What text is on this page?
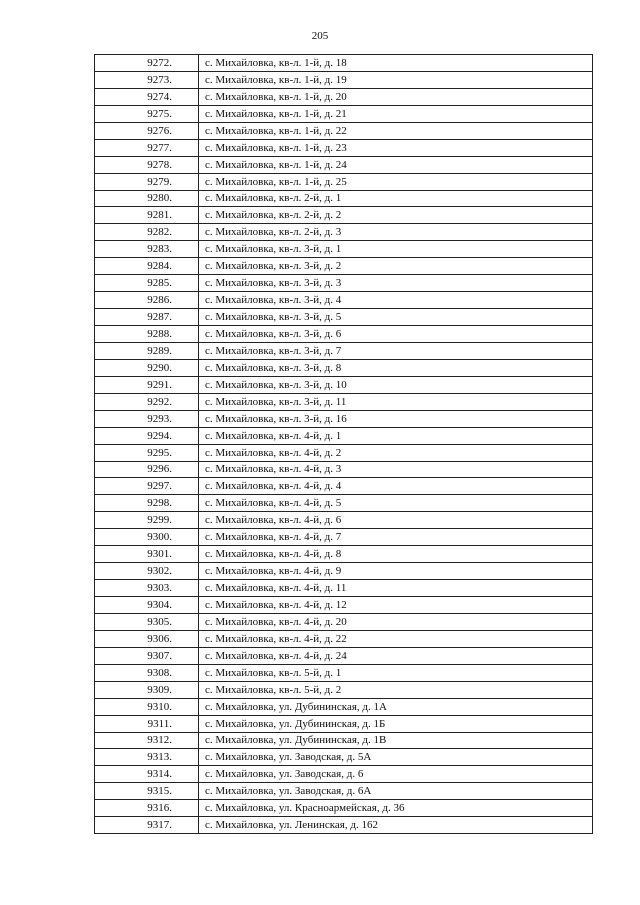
205
9272.	с. Михайловка, кв-л. 1-й, д. 18
9273.	с. Михайловка, кв-л. 1-й, д. 19
9274.	с. Михайловка, кв-л. 1-й, д. 20
9275.	с. Михайловка, кв-л. 1-й, д. 21
9276.	с. Михайловка, кв-л. 1-й, д. 22
9277.	с. Михайловка, кв-л. 1-й, д. 23
9278.	с. Михайловка, кв-л. 1-й, д. 24
9279.	с. Михайловка, кв-л. 1-й, д. 25
9280.	с. Михайловка, кв-л. 2-й, д. 1
9281.	с. Михайловка, кв-л. 2-й, д. 2
9282.	с. Михайловка, кв-л. 2-й, д. 3
9283.	с. Михайловка, кв-л. 3-й, д. 1
9284.	с. Михайловка, кв-л. 3-й, д. 2
9285.	с. Михайловка, кв-л. 3-й, д. 3
9286.	с. Михайловка, кв-л. 3-й, д. 4
9287.	с. Михайловка, кв-л. 3-й, д. 5
9288.	с. Михайловка, кв-л. 3-й, д. 6
9289.	с. Михайловка, кв-л. 3-й, д. 7
9290.	с. Михайловка, кв-л. 3-й, д. 8
9291.	с. Михайловка, кв-л. 3-й, д. 10
9292.	с. Михайловка, кв-л. 3-й, д. 11
9293.	с. Михайловка, кв-л. 3-й, д. 16
9294.	с. Михайловка, кв-л. 4-й, д. 1
9295.	с. Михайловка, кв-л. 4-й, д. 2
9296.	с. Михайловка, кв-л. 4-й, д. 3
9297.	с. Михайловка, кв-л. 4-й, д. 4
9298.	с. Михайловка, кв-л. 4-й, д. 5
9299.	с. Михайловка, кв-л. 4-й, д. 6
9300.	с. Михайловка, кв-л. 4-й, д. 7
9301.	с. Михайловка, кв-л. 4-й, д. 8
9302.	с. Михайловка, кв-л. 4-й, д. 9
9303.	с. Михайловка, кв-л. 4-й, д. 11
9304.	с. Михайловка, кв-л. 4-й, д. 12
9305.	с. Михайловка, кв-л. 4-й, д. 20
9306.	с. Михайловка, кв-л. 4-й, д. 22
9307.	с. Михайловка, кв-л. 4-й, д. 24
9308.	с. Михайловка, кв-л. 5-й, д. 1
9309.	с. Михайловка, кв-л. 5-й, д. 2
9310.	с. Михайловка, ул. Дубининская, д. 1А
9311.	с. Михайловка, ул. Дубининская, д. 1Б
9312.	с. Михайловка, ул. Дубининская, д. 1В
9313.	с. Михайловка, ул. Заводская, д. 5А
9314.	с. Михайловка, ул. Заводская, д. 6
9315.	с. Михайловка, ул. Заводская, д. 6А
9316.	с. Михайловка, ул. Красноармейская, д. 36
9317.	с. Михайловка, ул. Ленинская, д. 162
